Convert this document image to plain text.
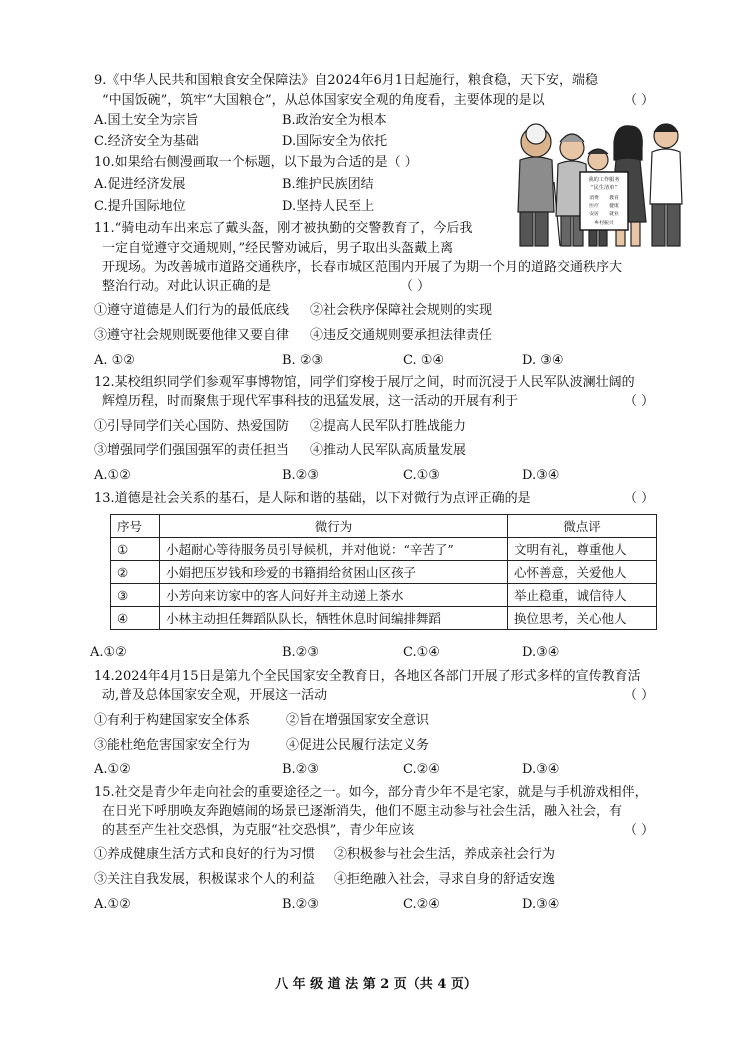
9.《中华人民共和国粮食安全保障法》自2024年6月1日起施行，粮食稳，天下安，端稳
“中国饭碗”，筑牢“大国粮仓”，从总体国家安全观的角度看，主要体现的是以	（ ）
A.国土安全为宗旨	B.政治安全为根本
C.经济安全为基础	D.国际安全为依托
10.如果给右侧漫画取一个标题，以下最为合适的是（ ）
A.促进经济发展	B.维护民族团结
C.提升国际地位	D.坚持人民至上
我的工作服务
“民生清单”
消费 教育
医疗 健康
安居 就业
乡村振兴
11.“骑电动车出来忘了戴头盔，刚才被执勤的交警教育了，今后我
一定自觉遵守交通规则，”经民警劝诫后，男子取出头盔戴上离
开现场。为改善城市道路交通秩序，长春市城区范围内开展了为期一个月的道路交通秩序大
整治行动。对此认识正确的是	（ ）
①遵守道德是人们行为的最低底线 ②社会秩序保障社会规则的实现
③遵守社会规则既要他律又要自律 ④违反交通规则要承担法律责任
A. ①②	B. ②③	C. ①④	D. ③④
12.某校组织同学们参观军事博物馆，同学们穿梭于展厅之间，时而沉浸于人民军队波澜壮阔的
辉煌历程，时而聚焦于现代军事科技的迅猛发展，这一活动的开展有利于	（ ）
①引导同学们关心国防、热爱国防 ②提高人民军队打胜战能力
③增强同学们强国强军的责任担当 ④推动人民军队高质量发展
A.①②	B.②③	C.①③	D.③④
13.道德是社会关系的基石，是人际和谐的基础，以下对微行为点评正确的是	（ ）
序号	微行为	微点评
①	小超耐心等待服务员引导候机，并对他说：“辛苦了”	文明有礼，尊重他人
②	小娟把压岁钱和珍爱的书籍捐给贫困山区孩子	心怀善意，关爱他人
③	小芳向来访家中的客人问好并主动递上茶水	举止稳重，诚信待人
④	小林主动担任舞蹈队队长，牺牲休息时间编排舞蹈	换位思考，关心他人
A.①②	B.②③	C.①④	D.③④
14.2024年4月15日是第九个全民国家安全教育日，各地区各部门开展了形式多样的宣传教育活
动,普及总体国家安全观，开展这一活动	（ ）
①有利于构建国家安全体系	②旨在增强国家安全意识
③能杜绝危害国家安全行为	④促进公民履行法定义务
A.①②	B.②③	C.②④	D.③④
15.社交是青少年走向社会的重要途径之一。如今，部分青少年不是宅家，就是与手机游戏相伴，
在日光下呼朋唤友奔跑嬉闹的场景已逐渐消失，他们不愿主动参与社会生活，融入社会，有
的甚至产生社交恐惧，为克服“社交恐惧”，青少年应该	（ ）
①养成健康生活方式和良好的行为习惯 ②积极参与社会生活，养成亲社会行为
③关注自我发展，积极谋求个人的利益 ④拒绝融入社会，寻求自身的舒适安逸
A.①②	B.②③	C.②④	D.③④
八 年 级 道 法 第 2 页（共 4 页）
